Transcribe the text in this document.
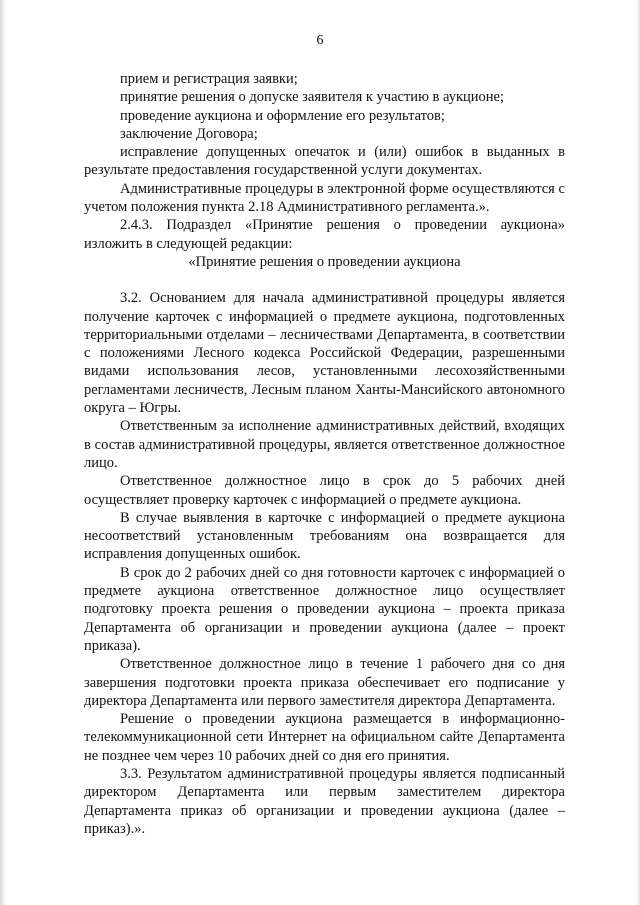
6

прием и регистрация заявки;

принятие решения о допуске заявителя к участию в аукционе;

проведение аукциона и оформление его результатов;

заключение Договора;

исправление допущенных опечаток и (или) ошибок в выданных в результате предоставления государственной услуги документах.

Административные процедуры в электронной форме осуществляются с учетом положения пункта 2.18 Административного регламента.».

2.4.3. Подраздел «Принятие решения о проведении аукциона» изложить в следующей редакции:

«Принятие решения о проведении аукциона

3.2. Основанием для начала административной процедуры является получение карточек с информацией о предмете аукциона, подготовленных территориальными отделами – лесничествами Департамента, в соответствии с положениями Лесного кодекса Российской Федерации, разрешенными видами использования лесов, установленными лесохозяйственными регламентами лесничеств, Лесным планом Ханты-Мансийского автономного округа – Югры.

Ответственным за исполнение административных действий, входящих в состав административной процедуры, является ответственное должностное лицо.

Ответственное должностное лицо в срок до 5 рабочих дней осуществляет проверку карточек с информацией о предмете аукциона.

В случае выявления в карточке с информацией о предмете аукциона несоответствий установленным требованиям она возвращается для исправления допущенных ошибок.

В срок до 2 рабочих дней со дня готовности карточек с информацией о предмете аукциона ответственное должностное лицо осуществляет подготовку проекта решения о проведении аукциона – проекта приказа Департамента об организации и проведении аукциона (далее – проект приказа).

Ответственное должностное лицо в течение 1 рабочего дня со дня завершения подготовки проекта приказа обеспечивает его подписание у директора Департамента или первого заместителя директора Департамента.

Решение о проведении аукциона размещается в информационно-телекоммуникационной сети Интернет на официальном сайте Департамента не позднее чем через 10 рабочих дней со дня его принятия.

3.3. Результатом административной процедуры является подписанный директором Департамента или первым заместителем директора Департамента приказ об организации и проведении аукциона (далее – приказ).».
